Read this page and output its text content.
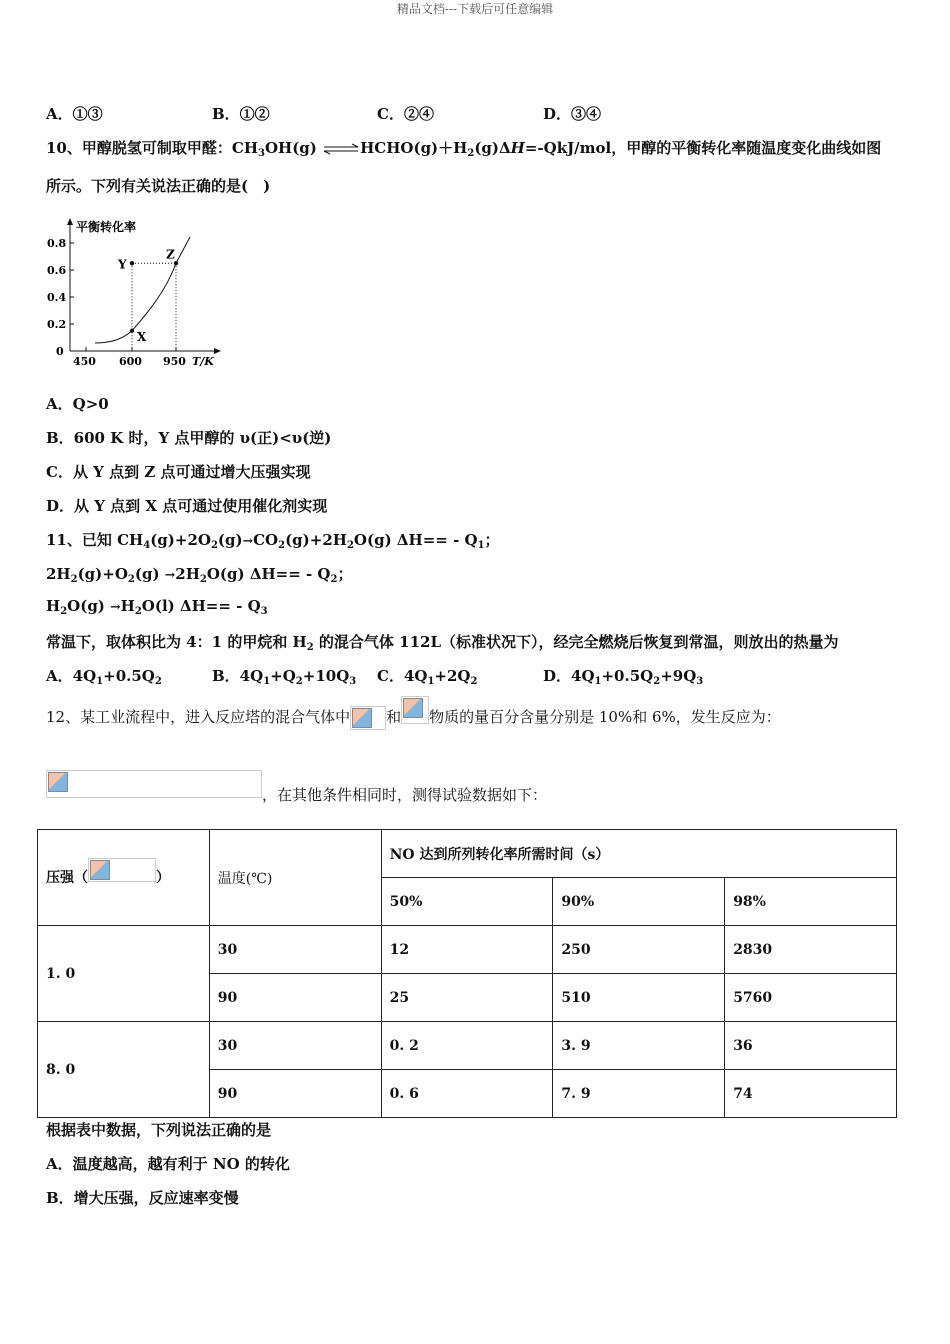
精品文档---下载后可任意编辑
A．①③	B．①②	C．②④	D．③④
10、甲醇脱氢可制取甲醛：$CH_3OH(g)$ $\rightleftharpoons HCHO(g)+H_2(g)\Delta H=-QkJ$/mol，甲醇的平衡转化率随温度变化曲线如图
所示。下列有关说法正确的是(　)
平衡转化率
T/K
0
0.2
0.4
0.6
0.8
450 600 950
Y
Z
X
A．Q>0
B．600 K 时，Y 点甲醇的 υ(正)<υ(逆)
C．从 Y 点到 Z 点可通过增大压强实现
D．从 Y 点到 X 点可通过使用催化剂实现
11、已知 $CH_4(g)+2O_2(g)\to CO_2(g)+2H_2O(g)$ $\Delta H== - Q_1$；
$2H_2(g)+O_2(g) \to 2H_2O(g)$ $\Delta H== - Q_2$；
$H_2O(g) \to H_2O(l)$ $\Delta H== - Q_3$
常温下，取体积比为 4：1 的甲烷和 $H_2$ 的混合气体 112L（标准状况下），经完全燃烧后恢复到常温，则放出的热量为
A．$4Q_1+0.5Q_2$	B．$4Q_1+Q_2+10Q_3$ C．$4Q_1+2Q_2$	D．$4Q_1+0.5Q_2+9Q_3$
12、某工业流程中，进入反应塔的混合气体中 和 物质的量百分含量分别是 10%和 6%，发生反应为：
，在其他条件相同时，测得试验数据如下：
压强（ ）	温度(℃)	NO 达到所列转化率所需时间（s）		
		50%	90%	98%
1. 0	30	12	250	2830
	90	25	510	5760
8. 0	30	0. 2	3. 9	36
	90	0. 6	7. 9	74
根据表中数据，下列说法正确的是
A．温度越高，越有利于 NO 的转化
B．增大压强，反应速率变慢
